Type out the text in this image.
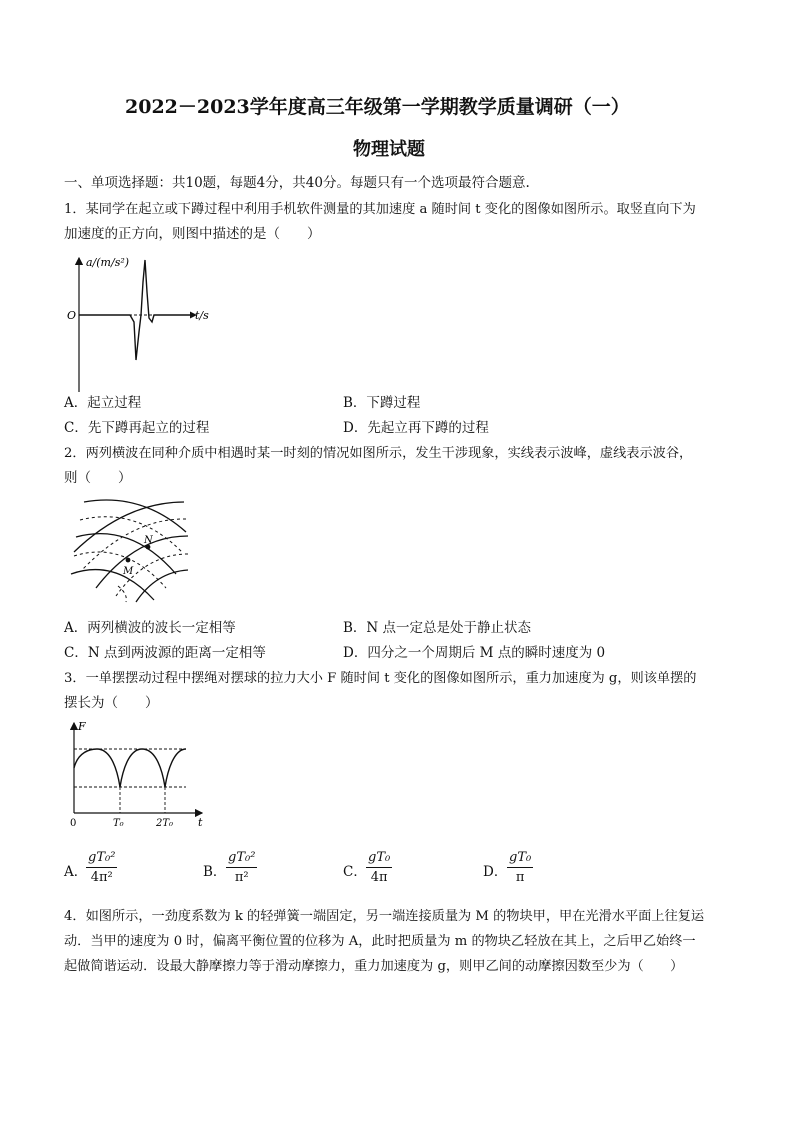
2022－2023学年度高三年级第一学期教学质量调研（一）
物理试题
一、单项选择题：共10题，每题4分，共40分。每题只有一个选项最符合题意.
1．某同学在起立或下蹲过程中利用手机软件测量的其加速度 a 随时间 t 变化的图像如图所示。取竖直向下为
加速度的正方向，则图中描述的是（　　）
a/(m/s²)
t/s
O
A．起立过程	B．下蹲过程
C．先下蹲再起立的过程	D．先起立再下蹲的过程
2．两列横波在同种介质中相遇时某一时刻的情况如图所示，发生干涉现象，实线表示波峰，虚线表示波谷，
则（　　）
N
M
A．两列横波的波长一定相等	B．N 点一定总是处于静止状态
C．N 点到两波源的距离一定相等	D．四分之一个周期后 M 点的瞬时速度为 0
3．一单摆摆动过程中摆绳对摆球的拉力大小 F 随时间 t 变化的图像如图所示，重力加速度为 g，则该单摆的
摆长为（　　）
F
t
0	T₀	2T₀
A．
$\frac{\text{gT₀²}}{\text{4π²}}$	B． $\frac{\text{gT₀²}}{\text{π²}}$	C． $\frac{\text{gT₀}}{4\pi}$	D． $\frac{\text{gT₀}}{\pi}$
4．如图所示，一劲度系数为 k 的轻弹簧一端固定，另一端连接质量为 M 的物块甲，甲在光滑水平面上往复运
动．当甲的速度为 0 时，偏离平衡位置的位移为 A，此时把质量为 m 的物块乙轻放在其上，之后甲乙始终一
起做简谐运动．设最大静摩擦力等于滑动摩擦力，重力加速度为 g，则甲乙间的动摩擦因数至少为（　　）
